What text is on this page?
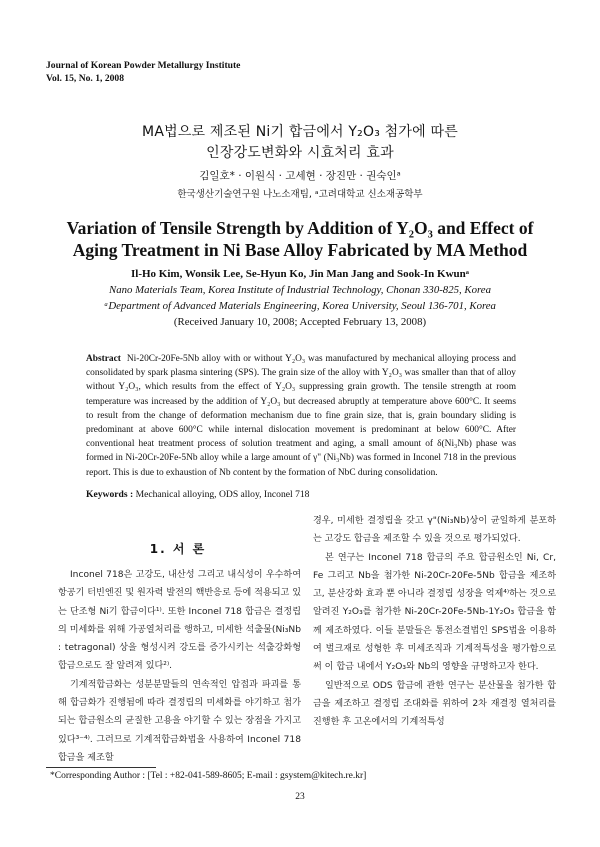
Journal of Korean Powder Metallurgy Institute
Vol. 15, No. 1, 2008
MA법으로 제조된 Ni기 합금에서 Y₂O₃ 첨가에 따른
인장강도변화와 시효처리 효과
김일호* · 이원식 · 고세현 · 장진만 · 권숙인ᵃ
한국생산기술연구원 나노소재팀, ᵃ고려대학교 신소재공학부
Variation of Tensile Strength by Addition of Y₂O₃ and Effect of
Aging Treatment in Ni Base Alloy Fabricated by MA Method
Il-Ho Kim, Wonsik Lee, Se-Hyun Ko, Jin Man Jang and Sook-In Kwunᵃ
Nano Materials Team, Korea Institute of Industrial Technology, Chonan 330-825, Korea
ᵃDepartment of Advanced Materials Engineering, Korea University, Seoul 136-701, Korea
(Received January 10, 2008; Accepted February 13, 2008)
Abstract Ni-20Cr-20Fe-5Nb alloy with or without Y₂O₃ was manufactured by mechanical alloying process and consolidated by spark plasma sintering (SPS). The grain size of the alloy with Y₂O₃ was smaller than that of alloy without Y₂O₃, which results from the effect of Y₂O₃ suppressing grain growth. The tensile strength at room temperature was increased by the addition of Y₂O₃ but decreased abruptly at temperature above 600°C. It seems to result from the change of deformation mechanism due to fine grain size, that is, grain boundary sliding is predominant at above 600°C while internal dislocation movement is predominant at below 600°C. After conventional heat treatment process of solution treatment and aging, a small amount of δ(Ni₃Nb) phase was formed in Ni-20Cr-20Fe-5Nb alloy while a large amount of γ" (Ni₃Nb) was formed in Inconel 718 in the previous report. This is due to exhaustion of Nb content by the formation of NbC during consolidation.
Keywords : Mechanical alloying, ODS alloy, Inconel 718
1. 서 론

Inconel 718은 고강도, 내산성 그리고 내식성이 우수하여 항공기 터빈엔진 및 원자력 발전의 핵반응로 등에 적용되고 있는 단조형 Ni기 합금이다¹⁾. 또한 Inconel 718 합금은 결정립의 미세화를 위해 가공열처리를 행하고, 미세한 석출물(Ni₃Nb : tetragonal) 상을 형성시켜 강도를 증가시키는 석출강화형 합금으로도 잘 알려져 있다²⁾.

기계적합금화는 성분분말들의 연속적인 압접과 파괴를 통해 합금화가 진행됨에 따라 결정립의 미세화를 야기하고 첨가되는 합금원소의 균질한 고용을 야기할 수 있는 장점을 가지고 있다³⁻⁴⁾. 그러므로 기계적합금화법을 사용하여 Inconel 718 합금을 제조할

경우, 미세한 결정립을 갖고 γ"(Ni₃Nb)상이 균일하게 분포하는 고강도 합금을 제조할 수 있을 것으로 평가되었다.

본 연구는 Inconel 718 합금의 주요 합금원소인 Ni, Cr, Fe 그리고 Nb을 첨가한 Ni-20Cr-20Fe-5Nb 합금을 제조하고, 분산강화 효과 뿐 아니라 결정립 성장을 억제⁴⁾하는 것으로 알려진 Y₂O₃를 첨가한 Ni-20Cr-20Fe-5Nb-1Y₂O₃ 합금을 함께 제조하였다. 이들 분말들은 통전소결법인 SPS법을 이용하여 벌크재로 성형한 후 미세조직과 기계적특성을 평가함으로써 이 합금 내에서 Y₂O₃와 Nb의 영향을 규명하고자 한다.

일반적으로 ODS 합금에 관한 연구는 분산물을 첨가한 합금을 제조하고 결정립 조대화를 위하여 2차 재결정 열처리를 진행한 후 고온에서의 기계적특성

*Corresponding Author : [Tel : +82-041-589-8605; E-mail : gsystem@kitech.re.kr]
23
